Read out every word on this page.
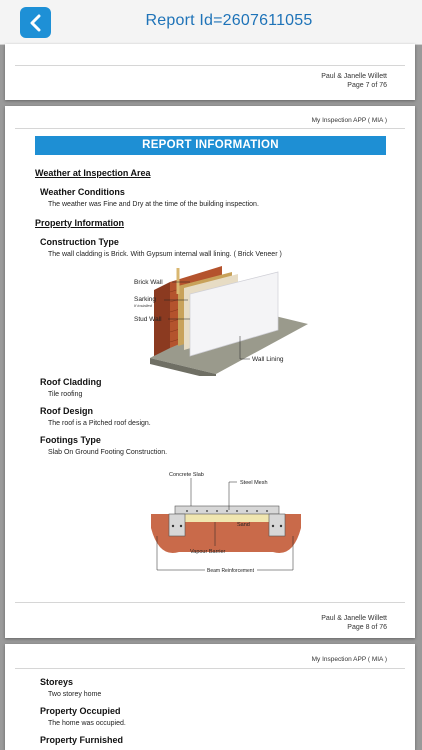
Report Id=2607611055
Paul & Janelle Willett
Page 7 of 76
My Inspection APP ( MIA )
REPORT INFORMATION
Weather at Inspection Area
Weather Conditions
The weather was Fine and Dry at the time of the building inspection.
Property Information
Construction Type
The wall cladding is Brick. With Gypsum internal wall lining. ( Brick Veneer )
Brick Wall
Sarking
If installed
Stud Wall
Wall Lining
Roof Cladding
Tile roofing
Roof Design
The roof is a Pitched roof design.
Footings Type
Slab On Ground Footing Construction.
Concrete Slab
Steel Mesh
Sand
Vapour Barrier
Beam Reinforcement
Paul & Janelle Willett
Page 8 of 76
My Inspection APP ( MIA )
Storeys
Two storey home
Property Occupied
The home was occupied.
Property Furnished
